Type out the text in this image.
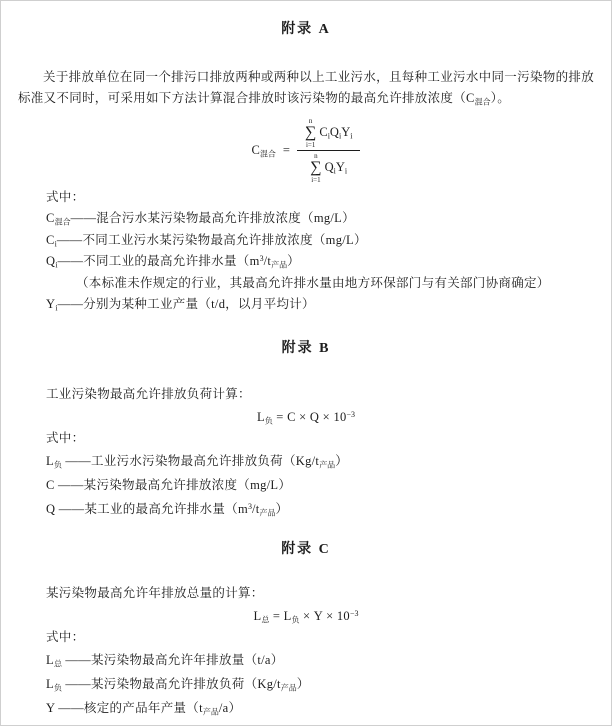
附录 A

关于排放单位在同一个排污口排放两种或两种以上工业污水，且每种工业污水中同一污染物的排放标准又不同时，可采用如下方法计算混合排放时该污染物的最高允许排放浓度$(C_{混合})$。

$C_{混合} = n$
∑
i=1
$C_iQ_iY_i$
n
∑
i=1
$Q_iY_i$
式中：
$C_{混合}——$混合污水某污染物最高允许排放浓度（mg/L）
$C_i——$不同工业污水某污染物最高允许排放浓度（mg/L）
$Q_i——$不同工业的最高允许排水量$(m^3/t_{产品})$
（本标准未作规定的行业，其最高允许排水量由地方环保部门与有关部门协商确定）
$Y_i——$分别为某种工业产量（t/d，以月平均计）
附录 B
工业污染物最高允许排放负荷计算：
$L_负 = C \times Q \times 10^{-3}$
式中：
$L_负$ ——工业污水污染物最高允许排放负荷$(Kg/t_{产品})$
C ——某污染物最高允许排放浓度（mg/L）
Q ——某工业的最高允许排水量$(m^3/t_{产品})$
附录 C
某污染物最高允许年排放总量的计算：
$L_总 = L_负 \times Y \times 10^{-3}$
式中：
$L_总$ ——某污染物最高允许年排放量（t/a）
$L_负$ ——某污染物最高允许排放负荷$(Kg/t_{产品})$
Y ——核定的产品年产量$(t_{产品}/a)$
